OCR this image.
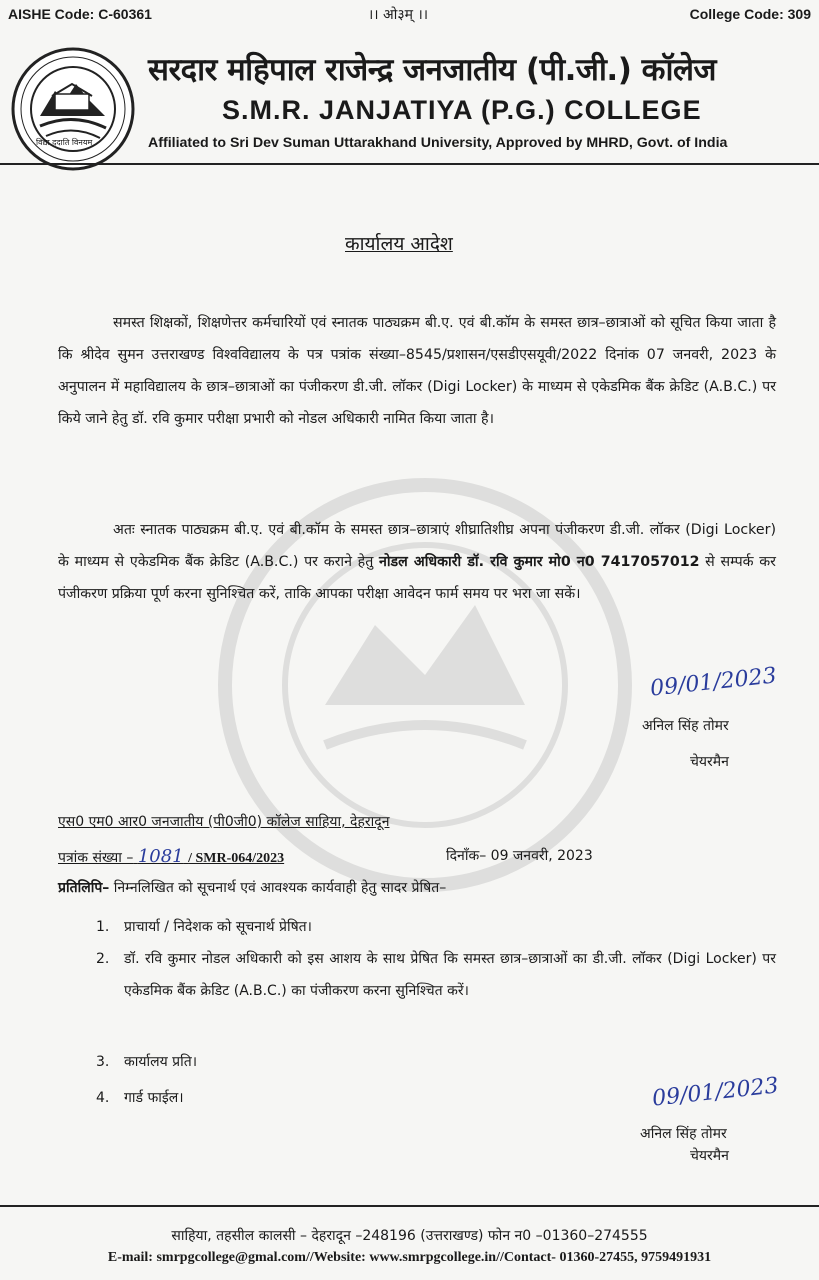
AISHE Code: C-60361	।। ओ३म् ।।	College Code: 309
विद्या ददाति विनयम्
सरदार महिपाल राजेन्द्र जनजातीय (पी.जी.) कॉलेज
S.M.R. JANJATIYA (P.G.) COLLEGE
Affiliated to Sri Dev Suman Uttarakhand University, Approved by MHRD, Govt. of India
कार्यालय आदेश
समस्त शिक्षकों, शिक्षणेत्तर कर्मचारियों एवं स्नातक पाठ्यक्रम बी.ए. एवं बी.कॉम के समस्त छात्र–छात्राओं को सूचित किया जाता है कि श्रीदेव सुमन उत्तराखण्ड विश्वविद्यालय के पत्र पत्रांक संख्या–8545/प्रशासन/एसडीएसयूवी/2022 दिनांक 07 जनवरी, 2023 के अनुपालन में महाविद्यालय के छात्र–छात्राओं का पंजीकरण डी.जी. लॉकर (Digi Locker) के माध्यम से एकेडमिक बैंक क्रेडिट (A.B.C.) पर किये जाने हेतु डॉ. रवि कुमार परीक्षा प्रभारी को नोडल अधिकारी नामित किया जाता है।
अतः स्नातक पाठ्यक्रम बी.ए. एवं बी.कॉम के समस्त छात्र–छात्राएं शीघ्रातिशीघ्र अपना पंजीकरण डी.जी. लॉकर (Digi Locker) के माध्यम से एकेडमिक बैंक क्रेडिट (A.B.C.) पर कराने हेतु नोडल अधिकारी डॉ. रवि कुमार मो0 न0 7417057012 से सम्पर्क कर पंजीकरण प्रक्रिया पूर्ण करना सुनिश्चित करें, ताकि आपका परीक्षा आवेदन फार्म समय पर भरा जा सकें।
09/01/2023
अनिल सिंह तोमर
चेयरमैन
एस0 एम0 आर0 जनजातीय (पी0जी0) कॉलेज साहिया, देहरादून
पत्रांक संख्या – 1081 / SMR-064/2023	दिनाँक– 09 जनवरी, 2023
प्रतिलिपि– निम्नलिखित को सूचनार्थ एवं आवश्यक कार्यवाही हेतु सादर प्रेषित–
1. प्राचार्या / निदेशक को सूचनार्थ प्रेषित।
2. डॉ. रवि कुमार नोडल अधिकारी को इस आशय के साथ प्रेषित कि समस्त छात्र–छात्राओं का डी.जी. लॉकर (Digi Locker) पर एकेडमिक बैंक क्रेडिट (A.B.C.) का पंजीकरण करना सुनिश्चित करें।
3. कार्यालय प्रति।
4. गार्ड फाईल।	09/01/2023
अनिल सिंह तोमर
चेयरमैन
साहिया, तहसील कालसी – देहरादून –248196 (उत्तराखण्ड) फोन न0 –01360–274555
E-mail: smrpgcollege@gmal.com//Website: www.smrpgcollege.in//Contact- 01360-27455, 9759491931
